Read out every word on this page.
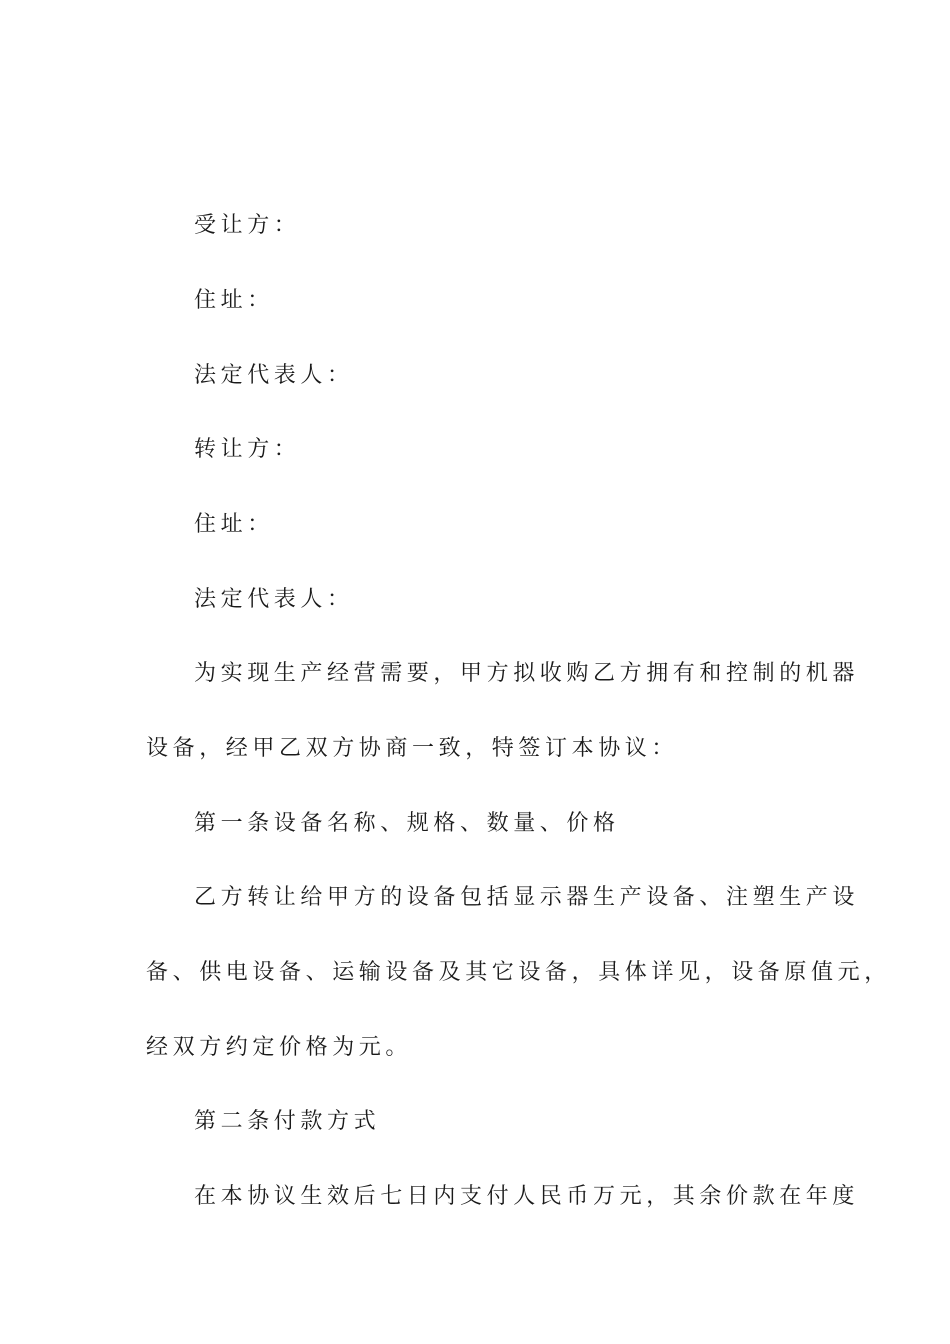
受让方：

住址：

法定代表人：

转让方：

住址：

法定代表人：

为实现生产经营需要，甲方拟收购乙方拥有和控制的机器

设备，经甲乙双方协商一致，特签订本协议：

第一条设备名称、规格、数量、价格

乙方转让给甲方的设备包括显示器生产设备、注塑生产设

备、供电设备、运输设备及其它设备，具体详见，设备原值元，

经双方约定价格为元。

第二条付款方式

在本协议生效后七日内支付人民币万元，其余价款在年度
